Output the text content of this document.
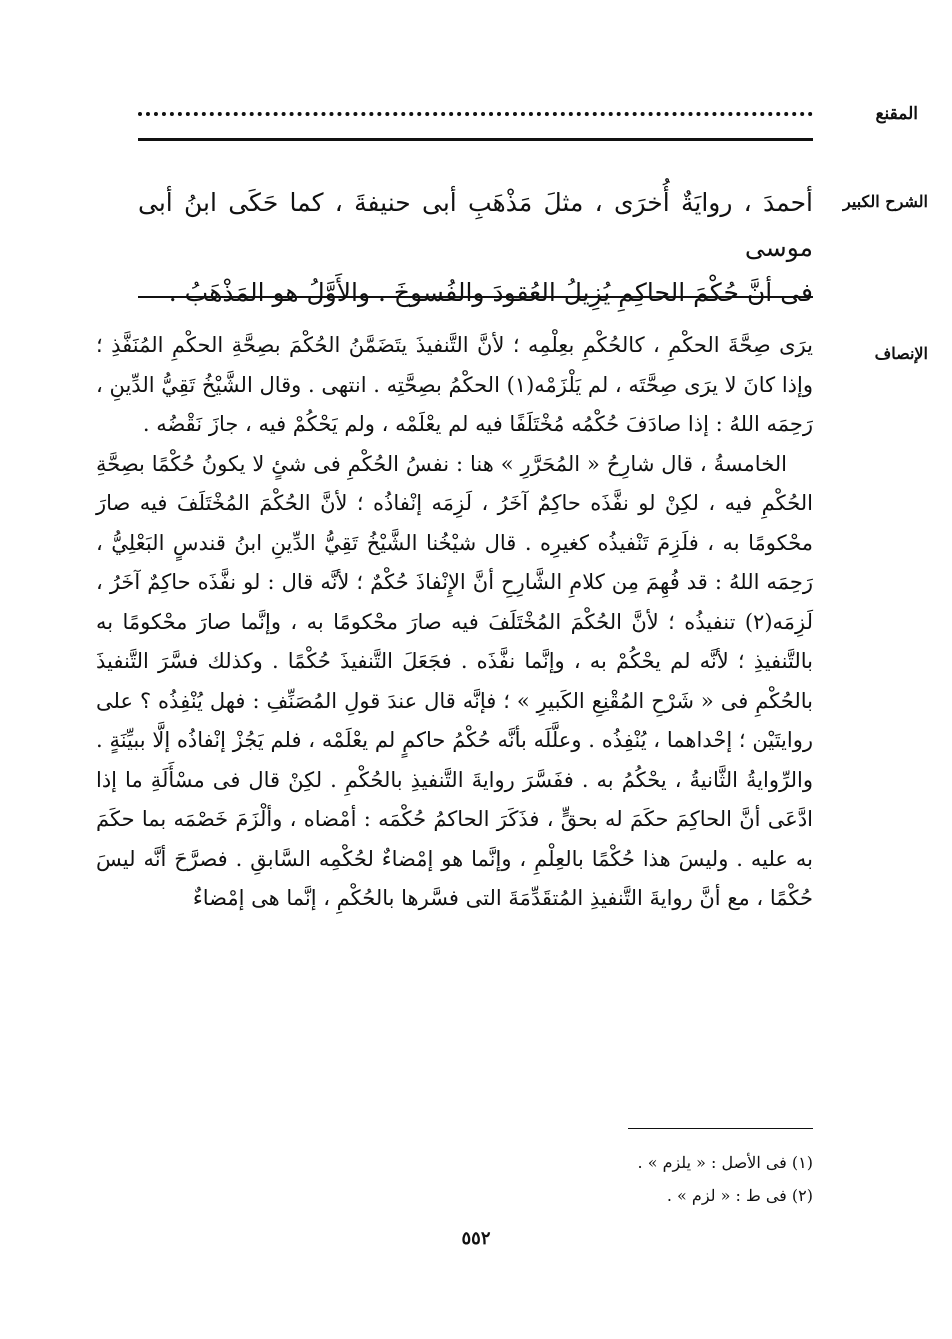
المقنع
الشرح الكبير

أحمدَ ، روايَةٌ أُخرَى ، مثلَ مَذْهَبِ أبى حنيفةَ ، كما حَكَى ابنُ أبى موسى

فى أنَّ حُكْمَ الحاكِمِ يُزِيلُ العُقودَ والفُسوخَ . والأَوَّلُ هو المَذْهَبُ .

الإنصاف

يرَى صِحَّةَ الحكْمِ ، كالحُكْمِ بعِلْمِه ؛ لأنَّ التَّنفيذَ يتَضَمَّنُ الحُكْمَ بصِحَّةِ الحكْمِ المُنَفَّذِ ؛ وإذا كانَ لا يرَى صِحَّتَه ، لم يَلْزَمْه(١) الحكْمُ بصِحَّتِه . انتهى . وقال الشَّيْخُ تَقِيُّ الدِّينِ ، رَحِمَه اللهُ : إذا صادَفَ حُكْمُه مُخْتَلَفًا فيه لم يعْلَمْه ، ولم يَحْكُمْ فيه ، جازَ نَقْضُه .

الخامسةُ ، قال شارِحُ « المُحَرَّرِ » هنا : نفسُ الحُكْمِ فى شئٍ لا يكونُ حُكْمًا بصِحَّةِ الحُكْمِ فيه ، لكِنْ لو نفَّذَه حاكِمٌ آخَرُ ، لَزِمَه إنْفاذُه ؛ لأنَّ الحُكْمَ المُخْتَلَفَ فيه صارَ محْكومًا به ، فلَزِمَ تَنْفيذُه كغيرِه . قال شيْخُنا الشَّيْخُ تَقِيُّ الدِّينِ ابنُ قندسٍ البَعْلِيُّ ، رَحِمَه اللهُ : قد فُهِمَ مِن كلامِ الشَّارِحِ أنَّ الإِنْفاذَ حُكْمٌ ؛ لأنَّه قال : لو نفَّذَه حاكِمٌ آخَرُ ، لَزِمَه(٢) تنفيذُه ؛ لأنَّ الحُكْمَ المُخْتَلَفَ فيه صارَ محْكومًا به ، وإنَّما صارَ محْكومًا به بالتَّنفيذِ ؛ لأنَّه لم يحْكُمْ به ، وإنَّما نفَّذَه . فجَعَلَ التَّنفيذَ حُكْمًا . وكذلك فسَّرَ التَّنفيذَ بالحُكْمِ فى « شَرْحِ المُقْنِعِ الكَبيرِ » ؛ فإنَّه قال عندَ قولِ المُصَنِّفِ : فهل يُنْفِذُه ؟ على روايتَيْن ؛ إحْداهما ، يُنْفِذُه . وعلَّلَه بأنَّه حُكْمُ حاكمٍ لم يعْلَمْه ، فلم يَجُزْ إنْفاذُه إلَّا ببيِّنَةٍ . والرِّوايةُ الثَّانيةُ ، يحْكُمُ به . ففَسَّرَ روايةَ التَّنفيذِ بالحُكْمِ . لكِنْ قال فى مسْأَلَةِ ما إذا ادَّعَى أنَّ الحاكِمَ حكَمَ له بحقٍّ ، فذَكَرَ الحاكمُ حُكْمَه : أمْضاه ، وألْزَمَ خَصْمَه بما حكَمَ به عليه . وليسَ هذا حُكْمًا بالعِلْمِ ، وإنَّما هو إمْضاءٌ لحُكْمِه السَّابقِ . فصرَّحَ أنَّه ليسَ حُكْمًا ، مع أنَّ روايةَ التَّنفيذِ المُتقَدِّمَةَ التى فسَّرها بالحُكْمِ ، إنَّما هى إمْضاءٌ

(١) فى الأصل : « يلزم » .
(٢) فى ط : « لزم » .
٥٥٢
